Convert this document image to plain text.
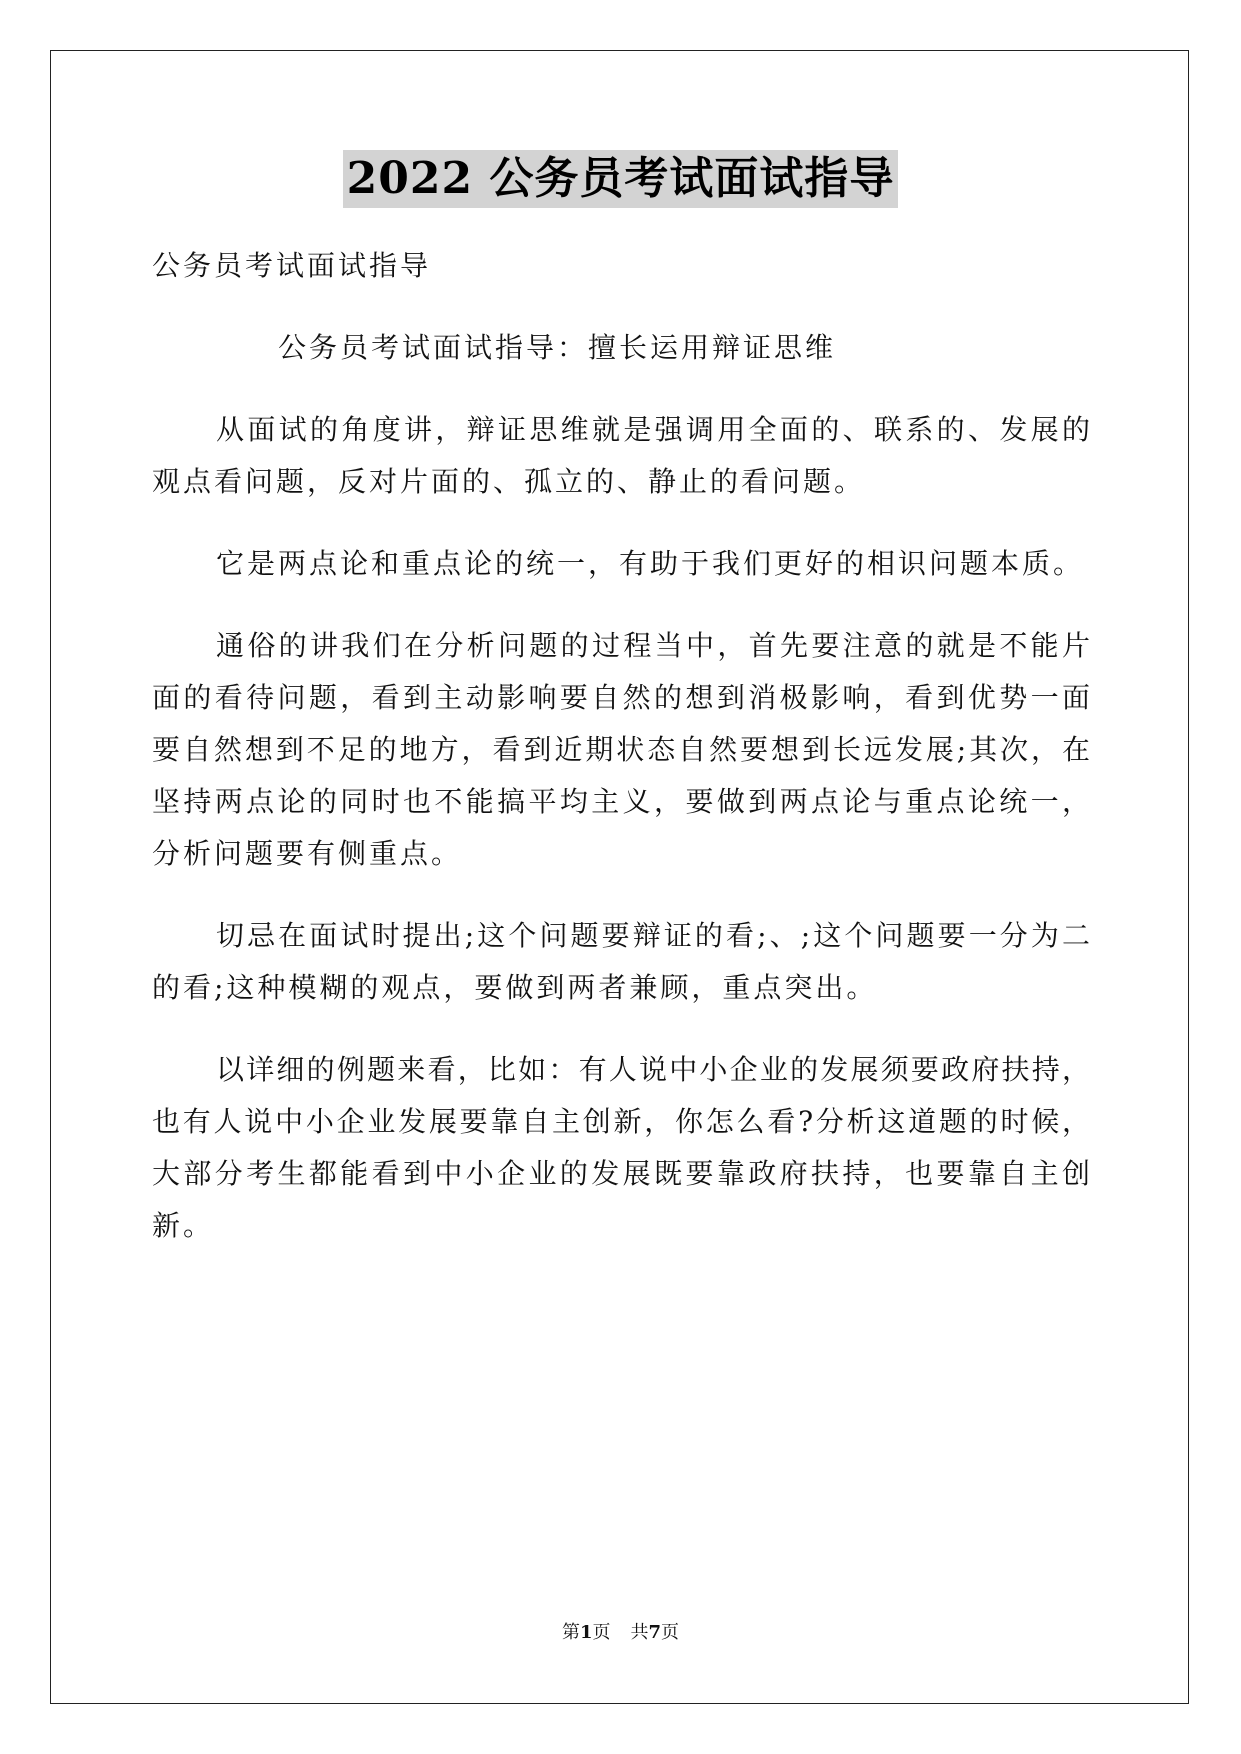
2022 公务员考试面试指导
公务员考试面试指导
公务员考试面试指导：擅长运用辩证思维
从面试的角度讲，辩证思维就是强调用全面的、联系的、发展的
观点看问题，反对片面的、孤立的、静止的看问题。
它是两点论和重点论的统一，有助于我们更好的相识问题本质。
通俗的讲我们在分析问题的过程当中，首先要注意的就是不能片
面的看待问题，看到主动影响要自然的想到消极影响，看到优势一面
要自然想到不足的地方，看到近期状态自然要想到长远发展;其次，在
坚持两点论的同时也不能搞平均主义，要做到两点论与重点论统一，
分析问题要有侧重点。
切忌在面试时提出;这个问题要辩证的看;、;这个问题要一分为二
的看;这种模糊的观点，要做到两者兼顾，重点突出。
以详细的例题来看，比如：有人说中小企业的发展须要政府扶持，
也有人说中小企业发展要靠自主创新，你怎么看?分析这道题的时候，
大部分考生都能看到中小企业的发展既要靠政府扶持，也要靠自主创
新。
第1页 共7页
